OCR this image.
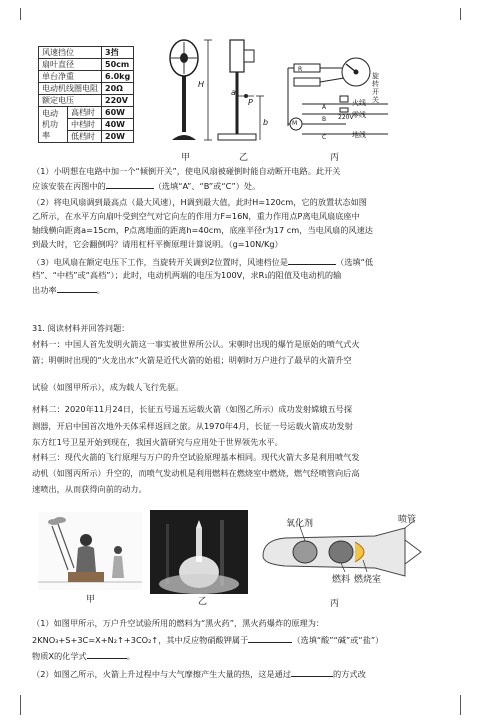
风速挡位		3挡
扇叶直径		50cm
单台净重		6.0kg
电动机线圈电阻		20Ω
额定电压		220V
电动机功率	高档时	60W
	中档时	40W
	低档时	20W
甲
H
a
P
b
乙
旋转开关
火线
零线
地线
220V
M
R
A
B
C
丙
（1）小明想在电路中加一个“倾倒开关”，使电风扇被碰倒时能自动断开电路。此开关
应该安装在丙图中的	（选填“A”、“B”或“C”）处。
（2）将电风扇调到最高点（最大风速），H调到最大值，此时H=120cm，它的放置状态如图
乙所示，在水平方向扇叶受到空气对它向左的作用力F=16N，重力作用点P离电风扇底座中
轴线横向距离a=15cm，P点离地面的距离h=40cm，底座半径r为17 cm，当电风扇的风速达
到最大时，它会翻倒吗？请用杠杆平衡原理计算说明。（g=10N/Kg）
（3）电风扇在额定电压下工作，当旋转开关调到2位置时，风速档位是	（选填“低
档”、“中档”或“高档”）；此时，电动机两端的电压为100V，求R₁的阻值及电动机的输
出功率	。
31. 阅读材料并回答问题：
材料一：中国人首先发明火箭这一事实被世界所公认。宋朝时出现的爆竹是原始的喷气式火
箭；明朝时出现的“火龙出水”火箭是近代火箭的始祖；明朝时万户进行了最早的火箭升空
试验（如图甲所示），成为载人飞行先驱。
材料二：2020年11月24日，长征五号遥五运载火箭（如图乙所示）成功发射嫦娥五号探
测器，开启中国首次地外天体采样返回之旅。从1970年4月，长征一号运载火箭成功发射
东方红1号卫星开始到现在，我国火箭研究与应用处于世界领先水平。
材料三：现代火箭的飞行原理与万户的升空试验原理基本相同。现代火箭大多是利用喷气发
动机（如图丙所示）升空的，而喷气发动机是利用燃料在燃烧室中燃烧，燃气经喷管向后高
速喷出，从而获得向前的动力。
甲	乙
氧化剂	喷管
燃料 燃烧室
丙
（1）如图甲所示，万户升空试验所用的燃料为“黑火药”，黑火药爆炸的原理为：
2KNO₃+S+3C=X+N₂↑+3CO₂↑，其中反应物硝酸钾属于	（选填“酸”“碱”或“盐”）
物质X的化学式	。
（2）如图乙所示，火箭上升过程中与大气摩擦产生大量的热，这是通过	的方式改
